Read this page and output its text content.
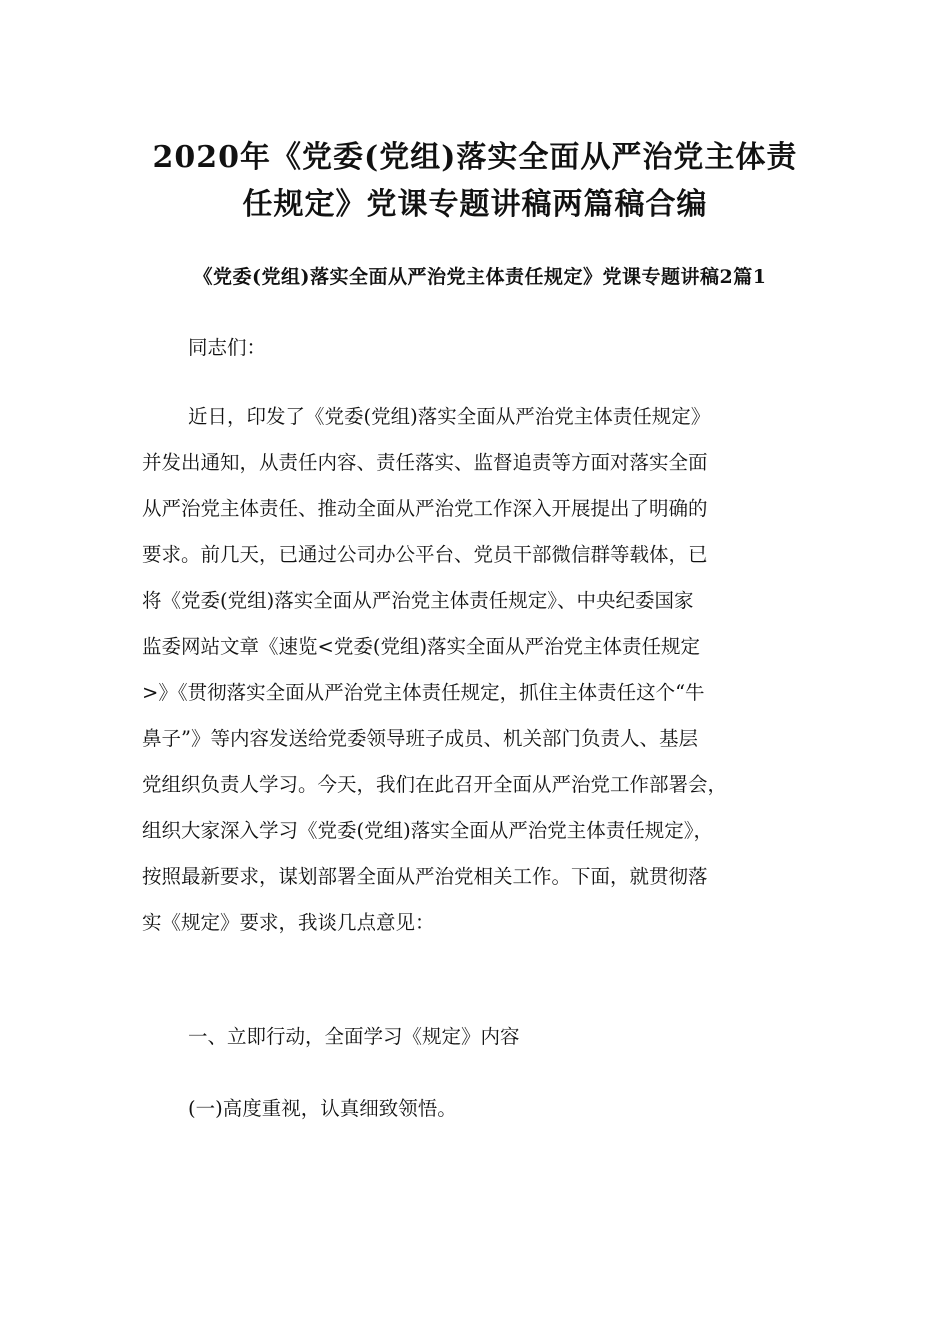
2020年《党委(党组)落实全面从严治党主体责
任规定》党课专题讲稿两篇稿合编
《党委(党组)落实全面从严治党主体责任规定》党课专题讲稿2篇1
同志们：
近日，印发了《党委(党组)落实全面从严治党主体责任规定》
并发出通知，从责任内容、责任落实、监督追责等方面对落实全面
从严治党主体责任、推动全面从严治党工作深入开展提出了明确的
要求。前几天，已通过公司办公平台、党员干部微信群等载体，已
将《党委(党组)落实全面从严治党主体责任规定》、中央纪委国家
监委网站文章《速览<党委(党组)落实全面从严治党主体责任规定
>》《贯彻落实全面从严治党主体责任规定，抓住主体责任这个“牛
鼻子”》等内容发送给党委领导班子成员、机关部门负责人、基层
党组织负责人学习。今天，我们在此召开全面从严治党工作部署会，
组织大家深入学习《党委(党组)落实全面从严治党主体责任规定》，
按照最新要求，谋划部署全面从严治党相关工作。下面，就贯彻落
实《规定》要求，我谈几点意见：
一、立即行动，全面学习《规定》内容
(一)高度重视，认真细致领悟。
